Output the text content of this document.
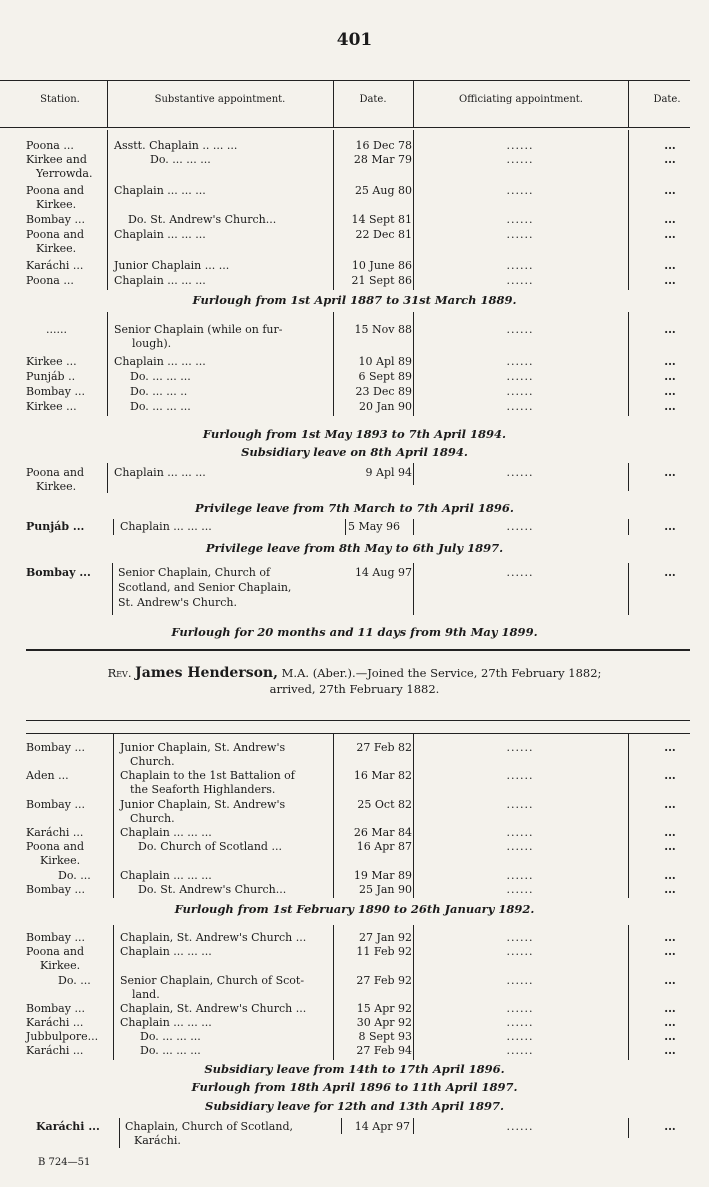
401
Station.	Substantive appointment.	Date.	Officiating appointment.	Date.
Poona ...	Asstt. Chaplain .. ... ...	16 Dec 78	......	...
Kirkee and	Do. ... ... ...	28 Mar 79	......	...
Yerrowda.
Poona and	Chaplain ... ... ...	25 Aug 80	......	...
Kirkee.
Bombay ...	Do. St. Andrew's Church...	14 Sept 81	......	...
Poona and	Chaplain ... ... ...	22 Dec 81	......	...
Kirkee.
Karáchi ...	Junior Chaplain ... ...	10 June 86	......	...
Poona ...	Chaplain ... ... ...	21 Sept 86	......	...
Furlough from 1st April 1887 to 31st March 1889.
......	Senior Chaplain (while on fur-	15 Nov 88	......	...
lough).
Kirkee ...	Chaplain ... ... ...	10 Apl 89	......	...
Punjáb ..	Do. ... ... ...	6 Sept 89	......	...
Bombay ...	Do. ... ... ..	23 Dec 89	......	...
Kirkee ...	Do. ... ... ...	20 Jan 90	......	...
Furlough from 1st May 1893 to 7th April 1894.
Subsidiary leave on 8th April 1894.
Poona and	Chaplain ... ... ...	9 Apl 94	......	...
Kirkee.
Privilege leave from 7th March to 7th April 1896.
Punjáb ...	Chaplain ... ... ...	5 May 96	......	...
Privilege leave from 8th May to 6th July 1897.
Bombay ...	Senior Chaplain, Church of	14 Aug 97	......	...
Scotland, and Senior Chaplain,
St. Andrew's Church.
Furlough for 20 months and 11 days from 9th May 1899.
Rev. James Henderson, M.A. (Aber.).—Joined the Service, 27th February 1882;
arrived, 27th February 1882.
Bombay ...	Junior Chaplain, St. Andrew's	27 Feb 82	......	...
Church.
Aden ...	Chaplain to the 1st Battalion of	16 Mar 82	......	...
the Seaforth Highlanders.
Bombay ...	Junior Chaplain, St. Andrew's	25 Oct 82	......	...
Church.
Karáchi ...	Chaplain ... ... ...	26 Mar 84	......	...
Poona and	Do. Church of Scotland ...	16 Apr 87	......	...
Kirkee.
Do. ...	Chaplain ... ... ...	19 Mar 89	......	...
Bombay ...	Do. St. Andrew's Church...	25 Jan 90	......	...
Furlough from 1st February 1890 to 26th January 1892.
Bombay ...	Chaplain, St. Andrew's Church ...	27 Jan 92	......	...
Poona and	Chaplain ... ... ...	11 Feb 92	......	...
Kirkee.
Do. ...	Senior Chaplain, Church of Scot-	27 Feb 92	......	...
land.
Bombay ...	Chaplain, St. Andrew's Church ...	15 Apr 92	......	...
Karáchi ...	Chaplain ... ... ...	30 Apr 92	......	...
Jubbulpore...	Do. ... ... ...	8 Sept 93	......	...
Karáchi ...	Do. ... ... ...	27 Feb 94	......	...
Subsidiary leave from 14th to 17th April 1896.
Furlough from 18th April 1896 to 11th April 1897.
Subsidiary leave for 12th and 13th April 1897.
Karáchi ...	Chaplain, Church of Scotland,	14 Apr 97	......	...
Karáchi.
B 724—51
